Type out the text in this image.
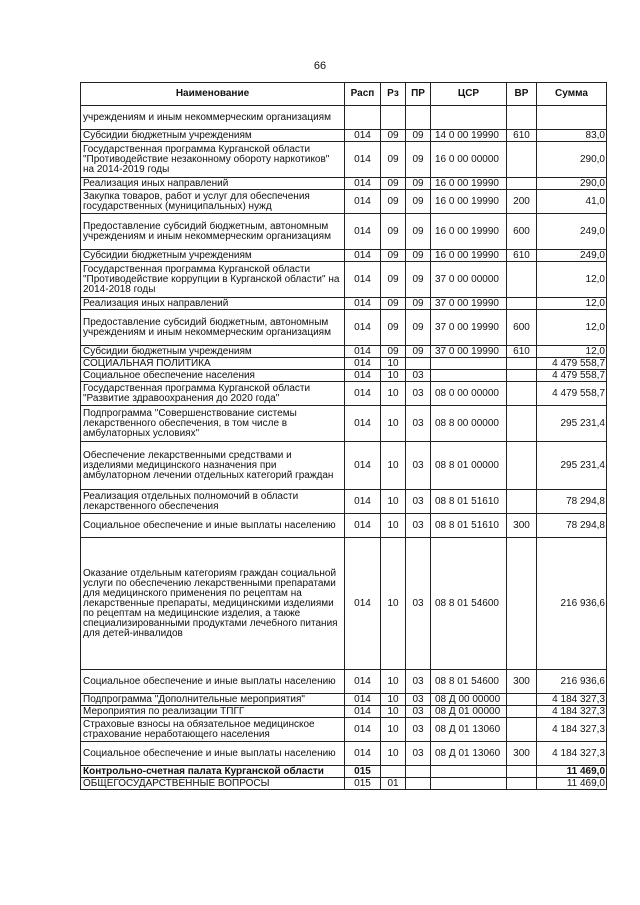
66
Наименование	Расп	Рз	ПР	ЦСР	ВР	Сумма
учреждениям и иным некоммерческим организациям						
Субсидии бюджетным учреждениям	014	09	09	14 0 00 19990	610	83,0
Государственная программа Курганской области "Противодействие незаконному обороту наркотиков" на 2014-2019 годы	014	09	09	16 0 00 00000		290,0
Реализация иных направлений	014	09	09	16 0 00 19990		290,0
Закупка товаров, работ и услуг для обеспечения государственных (муниципальных) нужд	014	09	09	16 0 00 19990	200	41,0
Предоставление субсидий бюджетным, автономным учреждениям и иным некоммерческим организациям	014	09	09	16 0 00 19990	600	249,0
Субсидии бюджетным учреждениям	014	09	09	16 0 00 19990	610	249,0
Государственная программа Курганской области "Противодействие коррупции в Курганской области" на 2014-2018 годы	014	09	09	37 0 00 00000		12,0
Реализация иных направлений	014	09	09	37 0 00 19990		12,0
Предоставление субсидий бюджетным, автономным учреждениям и иным некоммерческим организациям	014	09	09	37 0 00 19990	600	12,0
Субсидии бюджетным учреждениям	014	09	09	37 0 00 19990	610	12,0
СОЦИАЛЬНАЯ ПОЛИТИКА	014	10				4 479 558,7
Социальное обеспечение населения	014	10	03			4 479 558,7
Государственная программа Курганской области "Развитие здравоохранения до 2020 года"	014	10	03	08 0 00 00000		4 479 558,7
Подпрограмма "Совершенствование системы лекарственного обеспечения, в том числе в амбулаторных условиях"	014	10	03	08 8 00 00000		295 231,4
Обеспечение лекарственными средствами и изделиями медицинского назначения при амбулаторном лечении отдельных категорий граждан	014	10	03	08 8 01 00000		295 231,4
Реализация отдельных полномочий в области лекарственного обеспечения	014	10	03	08 8 01 51610		78 294,8
Социальное обеспечение и иные выплаты населению	014	10	03	08 8 01 51610	300	78 294,8
Оказание отдельным категориям граждан социальной услуги по обеспечению лекарственными препаратами для медицинского применения по рецептам на лекарственные препараты, медицинскими изделиями по рецептам на медицинские изделия, а также специализированными продуктами лечебного питания для детей-инвалидов	014	10	03	08 8 01 54600		216 936,6
Социальное обеспечение и иные выплаты населению	014	10	03	08 8 01 54600	300	216 936,6
Подпрограмма "Дополнительные мероприятия"	014	10	03	08 Д 00 00000		4 184 327,3
Мероприятия по реализации ТПГГ	014	10	03	08 Д 01 00000		4 184 327,3
Страховые взносы на обязательное медицинское страхование неработающего населения	014	10	03	08 Д 01 13060		4 184 327,3
Социальное обеспечение и иные выплаты населению	014	10	03	08 Д 01 13060	300	4 184 327,3
Контрольно-счетная палата Курганской области	015					11 469,0
ОБЩЕГОСУДАРСТВЕННЫЕ ВОПРОСЫ	015	01				11 469,0
